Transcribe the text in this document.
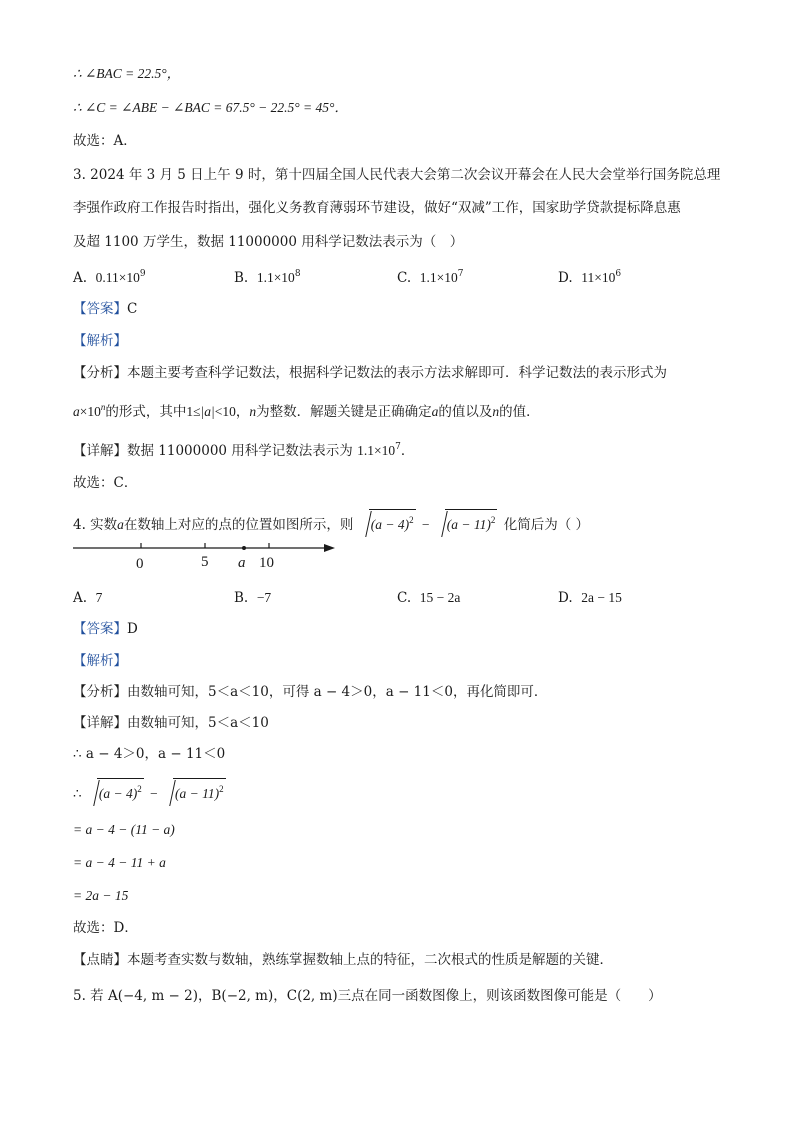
∴ ∠BAC = 22.5°，
∴ ∠C = ∠ABE − ∠BAC = 67.5° − 22.5° = 45°．
故选：A．
3. 2024 年 3 月 5 日上午 9 时，第十四届全国人民代表大会第二次会议开幕会在人民大会堂举行国务院总理
李强作政府工作报告时指出，强化义务教育薄弱环节建设，做好“双减”工作，国家助学贷款提标降息惠
及超 1100 万学生，数据 11000000 用科学记数法表示为（　）
A. $0.11\times 10^9$	B. $1.1\times 10^8$	C. $1.1\times 10^7$	D. $11\times 10^6$
【答案】C
【解析】
【分析】本题主要考查科学记数法，根据科学记数法的表示方法求解即可．科学记数法的表示形式为
$a\times 10^n$的形式，其中1≤|a|<10，n为整数．解题关键是正确确定a的值以及n的值．
【详解】数据 11000000 用科学记数法表示为 $1.1\times 10^7$．
故选：C．
4. 实数a在数轴上对应的点的位置如图所示，则 $(a - 4)^2 - (a - 11)^2$ 化简后为（ ）
0	5 a 10
A. 7	B. −7	C. 15 − 2a	D. 2a − 15
【答案】D
【解析】
【分析】由数轴可知，5＜a＜10，可得 a − 4＞0，a − 11＜0，再化简即可．
【详解】由数轴可知，5＜a＜10
∴ a − 4＞0，a − 11＜0
∴ $(a - 4)^2 - (a - 11)^2$
= a − 4 − (11 − a)
= a − 4 − 11 + a
= 2a − 15
故选：D．
【点睛】本题考查实数与数轴，熟练掌握数轴上点的特征，二次根式的性质是解题的关键．
5. 若 A(−4, m − 2)，B(−2, m)，C(2, m)三点在同一函数图像上，则该函数图像可能是（　　）
